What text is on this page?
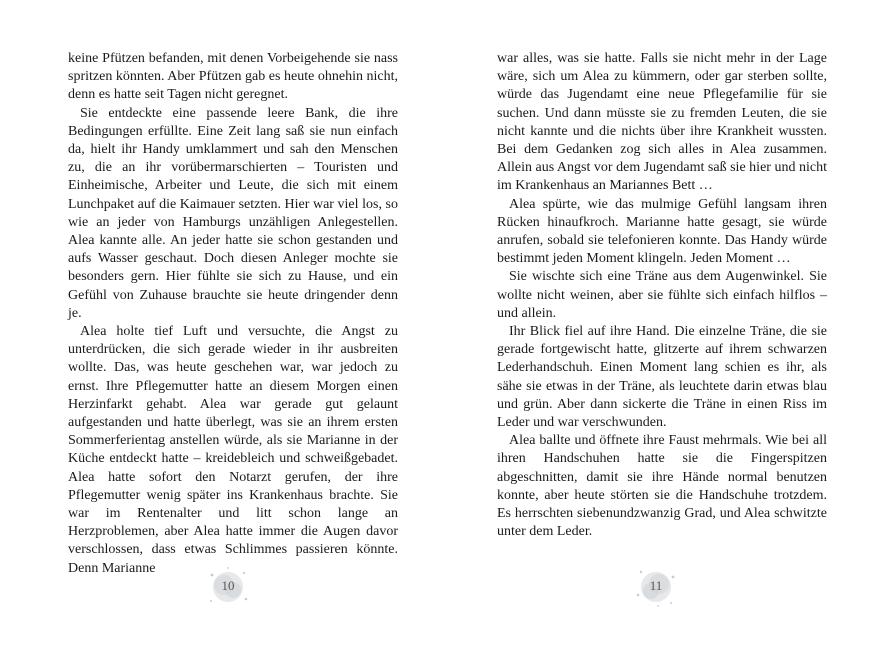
keine Pfützen befanden, mit denen Vorbeigehende sie nass spritzen könnten. Aber Pfützen gab es heute ohnehin nicht, denn es hatte seit Tagen nicht geregnet.

Sie entdeckte eine passende leere Bank, die ihre Bedingungen erfüllte. Eine Zeit lang saß sie nun einfach da, hielt ihr Handy umklammert und sah den Menschen zu, die an ihr vorübermarschierten – Touristen und Einheimische, Arbeiter und Leute, die sich mit einem Lunchpaket auf die Kaimauer setzten. Hier war viel los, so wie an jeder von Hamburgs unzähligen Anlegestellen. Alea kannte alle. An jeder hatte sie schon gestanden und aufs Wasser geschaut. Doch diesen Anleger mochte sie besonders gern. Hier fühlte sie sich zu Hause, und ein Gefühl von Zuhause brauchte sie heute dringender denn je.

Alea holte tief Luft und versuchte, die Angst zu unterdrücken, die sich gerade wieder in ihr ausbreiten wollte. Das, was heute geschehen war, war jedoch zu ernst. Ihre Pflegemutter hatte an diesem Morgen einen Herzinfarkt gehabt. Alea war gerade gut gelaunt aufgestanden und hatte überlegt, was sie an ihrem ersten Sommerferientag anstellen würde, als sie Marianne in der Küche entdeckt hatte – kreidebleich und schweißgebadet. Alea hatte sofort den Notarzt gerufen, der ihre Pflegemutter wenig später ins Krankenhaus brachte. Sie war im Rentenalter und litt schon lange an Herzproblemen, aber Alea hatte immer die Augen davor verschlossen, dass etwas Schlimmes passieren könnte. Denn Marianne

war alles, was sie hatte. Falls sie nicht mehr in der Lage wäre, sich um Alea zu kümmern, oder gar sterben sollte, würde das Jugendamt eine neue Pflegefamilie für sie suchen. Und dann müsste sie zu fremden Leuten, die sie nicht kannte und die nichts über ihre Krankheit wussten. Bei dem Gedanken zog sich alles in Alea zusammen. Allein aus Angst vor dem Jugendamt saß sie hier und nicht im Krankenhaus an Mariannes Bett …

Alea spürte, wie das mulmige Gefühl langsam ihren Rücken hinaufkroch. Marianne hatte gesagt, sie würde anrufen, sobald sie telefonieren konnte. Das Handy würde bestimmt jeden Moment klingeln. Jeden Moment …

Sie wischte sich eine Träne aus dem Augenwinkel. Sie wollte nicht weinen, aber sie fühlte sich einfach hilflos – und allein.

Ihr Blick fiel auf ihre Hand. Die einzelne Träne, die sie gerade fortgewischt hatte, glitzerte auf ihrem schwarzen Lederhandschuh. Einen Moment lang schien es ihr, als sähe sie etwas in der Träne, als leuchtete darin etwas blau und grün. Aber dann sickerte die Träne in einen Riss im Leder und war verschwunden.

Alea ballte und öffnete ihre Faust mehrmals. Wie bei all ihren Handschuhen hatte sie die Fingerspitzen abgeschnitten, damit sie ihre Hände normal benutzen konnte, aber heute störten sie die Handschuhe trotzdem. Es herrschten siebenundzwanzig Grad, und Alea schwitzte unter dem Leder.

10	11
